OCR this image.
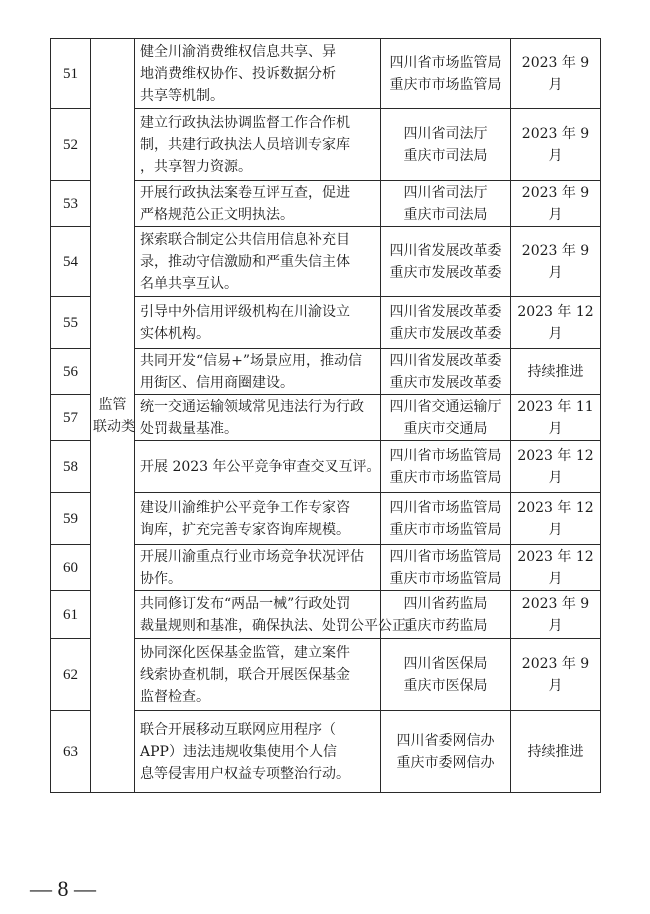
51	监管
联动类	健全川渝消费维权信息共享、异
地消费维权协作、投诉数据分析
共享等机制。	四川省市场监管局
重庆市市场监管局	2023 年 9 月
52		建立行政执法协调监督工作合作机
制，共建行政执法人员培训专家库
，共享智力资源。	四川省司法厅
重庆市司法局	2023 年 9 月
53		开展行政执法案卷互评互查，促进
严格规范公正文明执法。	四川省司法厅
重庆市司法局	2023 年 9 月
54		探索联合制定公共信用信息补充目
录，推动守信激励和严重失信主体
名单共享互认。	四川省发展改革委
重庆市发展改革委	2023 年 9 月
55		引导中外信用评级机构在川渝设立
实体机构。	四川省发展改革委
重庆市发展改革委	2023 年 12 月
56		共同开发“信易+”场景应用，推动信
用街区、信用商圈建设。	四川省发展改革委
重庆市发展改革委	持续推进
57		统一交通运输领域常见违法行为行政
处罚裁量基准。	四川省交通运输厅
重庆市交通局	2023 年 11 月
58		开展 2023 年公平竞争审查交叉互评。	四川省市场监管局
重庆市市场监管局	2023 年 12 月
59		建设川渝维护公平竞争工作专家咨
询库，扩充完善专家咨询库规模。	四川省市场监管局
重庆市市场监管局	2023 年 12 月
60		开展川渝重点行业市场竞争状况评估
协作。	四川省市场监管局
重庆市市场监管局	2023 年 12 月
61		共同修订发布“两品一械”行政处罚
裁量规则和基准，确保执法、处罚公平公正。	四川省药监局
重庆市药监局	2023 年 9 月
62		协同深化医保基金监管，建立案件
线索协查机制，联合开展医保基金
监督检查。	四川省医保局
重庆市医保局	2023 年 9 月
63		联合开展移动互联网应用程序（
APP）违法违规收集使用个人信
息等侵害用户权益专项整治行动。	四川省委网信办
重庆市委网信办	持续推进
— 8 —
